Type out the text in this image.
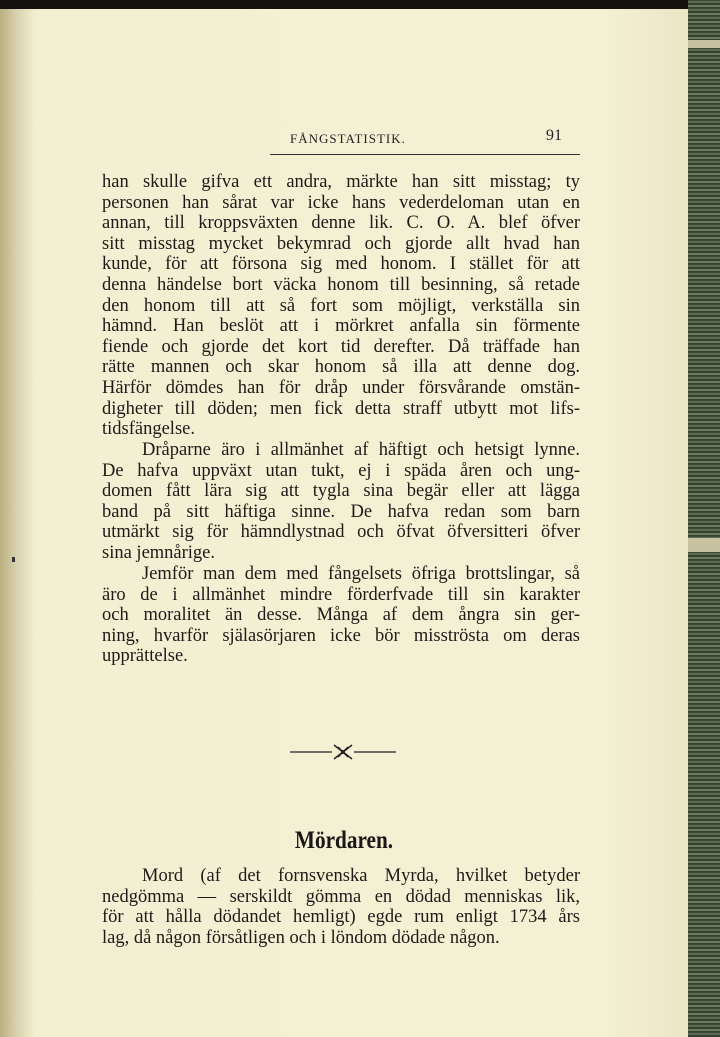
FÅNGSTATISTIK.	91
han skulle gifva ett andra, märkte han sitt misstag; ty
personen han sårat var icke hans vederdeloman utan en
annan, till kroppsväxten denne lik. C. O. A. blef öfver
sitt misstag mycket bekymrad och gjorde allt hvad han
kunde, för att försona sig med honom. I stället för att
denna händelse bort väcka honom till besinning, så retade
den honom till att så fort som möjligt, verkställa sin
hämnd. Han beslöt att i mörkret anfalla sin förmente
fiende och gjorde det kort tid derefter. Då träffade han
rätte mannen och skar honom så illa att denne dog.
Härför dömdes han för dråp under försvårande omstän-
digheter till döden; men fick detta straff utbytt mot lifs-
tidsfängelse.
Dråparne äro i allmänhet af häftigt och hetsigt lynne.
De hafva uppväxt utan tukt, ej i späda åren och ung-
domen fått lära sig att tygla sina begär eller att lägga
band på sitt häftiga sinne. De hafva redan som barn
utmärkt sig för hämndlystnad och öfvat öfversitteri öfver
sina jemnårige.
Jemför man dem med fångelsets öfriga brottslingar, så
äro de i allmänhet mindre förderfvade till sin karakter
och moralitet än desse. Många af dem ångra sin ger-
ning, hvarför själasörjaren icke bör misströsta om deras
upprättelse.
Mördaren.
Mord (af det fornsvenska Myrda, hvilket betyder
nedgömma — serskildt gömma en dödad menniskas lik,
för att hålla dödandet hemligt) egde rum enligt 1734 års
lag, då någon försåtligen och i löndom dödade någon.
